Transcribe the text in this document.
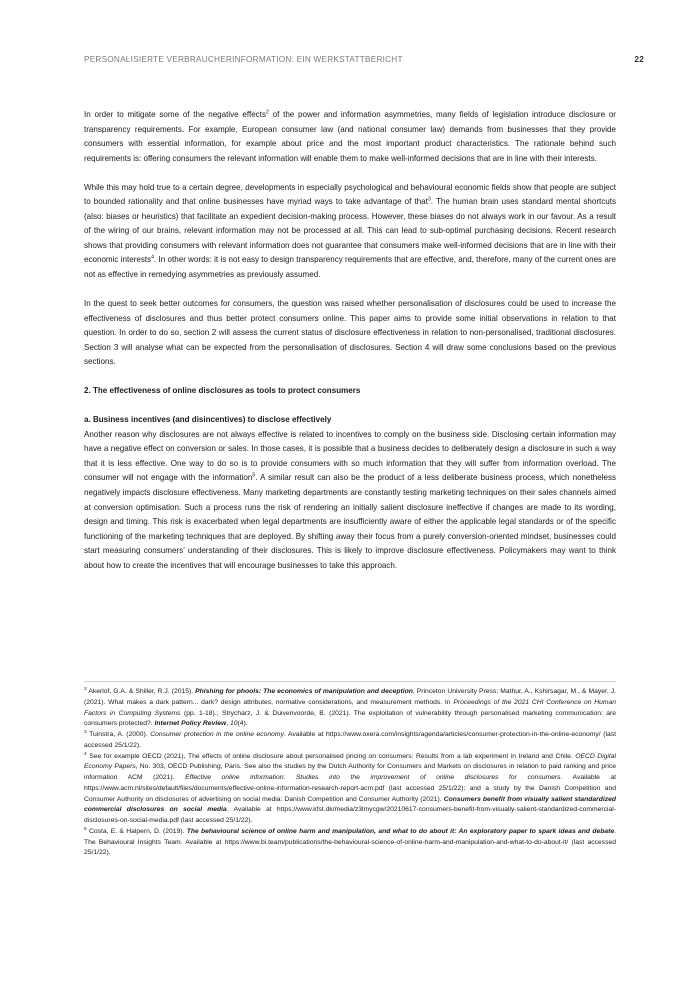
PERSONALISIERTE VERBRAUCHERINFORMATION: EIN WERKSTATTBERICHT	22

In order to mitigate some of the negative effects$^2$ of the power and information asymmetries, many fields of legislation introduce disclosure or transparency requirements. For example, European consumer law (and national consumer law) demands from businesses that they provide consumers with essential information, for example about price and the most important product characteristics. The rationale behind such requirements is: offering consumers the relevant information will enable them to make well-informed decisions that are in line with their interests.

While this may hold true to a certain degree, developments in especially psychological and behavioural economic fields show that people are subject to bounded rationality and that online businesses have myriad ways to take advantage of that$^3$. The human brain uses standard mental shortcuts (also: biases or heuristics) that facilitate an expedient decision-making process. However, these biases do not always work in our favour. As a result of the wiring of our brains, relevant information may not be processed at all. This can lead to sub-optimal purchasing decisions. Recent research shows that providing consumers with relevant information does not guarantee that consumers make well-informed decisions that are in line with their economic interests$^4$. In other words: it is not easy to design transparency requirements that are effective, and, therefore, many of the current ones are not as effective in remedying asymmetries as previously assumed.

In the quest to seek better outcomes for consumers, the question was raised whether personalisation of disclosures could be used to increase the effectiveness of disclosures and thus better protect consumers online. This paper aims to provide some initial observations in relation to that question. In order to do so, section 2 will assess the current status of disclosure effectiveness in relation to non-personalised, traditional disclosures. Section 3 will analyse what can be expected from the personalisation of disclosures. Section 4 will draw some conclusions based on the previous sections.

2. The effectiveness of online disclosures as tools to protect consumers
a. Business incentives (and disincentives) to disclose effectively

Another reason why disclosures are not always effective is related to incentives to comply on the business side. Disclosing certain information may have a negative effect on conversion or sales. In those cases, it is possible that a business decides to deliberately design a disclosure in such a way that it is less effective. One way to do so is to provide consumers with so much information that they will suffer from information overload. The consumer will not engage with the information$^5$. A similar result can also be the product of a less deliberate business process, which nonetheless negatively impacts disclosure effectiveness. Many marketing departments are constantly testing marketing techniques on their sales channels aimed at conversion optimisation. Such a process runs the risk of rendering an initially salient disclosure ineffective if changes are made to its wording, design and timing. This risk is exacerbated when legal departments are insufficiently aware of either the applicable legal standards or of the specific functioning of the marketing techniques that are deployed. By shifting away their focus from a purely conversion-oriented mindset, businesses could start measuring consumers’ understanding of their disclosures. This is likely to improve disclosure effectiveness. Policymakers may want to think about how to create the incentives that will encourage businesses to take this approach.

$^2$ Akerlof, G.A. & Shiller, R.J. (2015). Phishing for phools: The economics of manipulation and deception, Princeton University Press; Mathur, A., Kshirsagar, M., & Mayer, J. (2021). What makes a dark pattern... dark? design attributes, normative considerations, and measurement methods. In Proceedings of the 2021 CHI Conference on Human Factors in Computing Systems (pp. 1-18).; Strycharz, J. & Duivenvoorde, B. (2021). The exploitation of vulnerability through personalised marketing communication: are consumers protected?. Internet Policy Review, 10(4).

$^3$ Tuinstra, A. (2000). Consumer protection in the online economy. Available at https://www.oxera.com/insights/agenda/articles/consumer-protection-in-the-online-economy/ (last accessed 25/1/22).

$^4$ See for example OECD (2021), The effects of online disclosure about personalised pricing on consumers: Results from a lab experiment in Ireland and Chile. OECD Digital Economy Papers, No. 303, OECD Publishing, Paris. See also the studies by the Dutch Authority for Consumers and Markets on disclosures in relation to paid ranking and price information ACM (2021). Effective online information: Studies into the improvement of online disclosures for consumers. Available at https://www.acm.nl/sites/default/files/documents/effective-online-information-research-report-acm.pdf (last accessed 25/1/22); and a study by the Danish Competition and Consumer Authority on disclosures of advertising on social media: Danish Competition and Consumer Authority (2021). Consumers benefit from visually salient standardized commercial disclosures on social media. Available at https://www.kfst.dk/media/z3lmycgw/20210617-consumers-benefit-from-visually-salient-standardized-commercial-disclosures-on-social-media.pdf (last accessed 25/1/22).

$^5$ Costa, E. & Halpern, D. (2019). The behavioural science of online harm and manipulation, and what to do about it: An exploratory paper to spark ideas and debate. The Behavioural Insights Team. Available at https://www.bi.team/publications/the-behavioural-science-of-online-harm-and-manipulation-and-what-to-do-about-it/ (last accessed 25/1/22).
